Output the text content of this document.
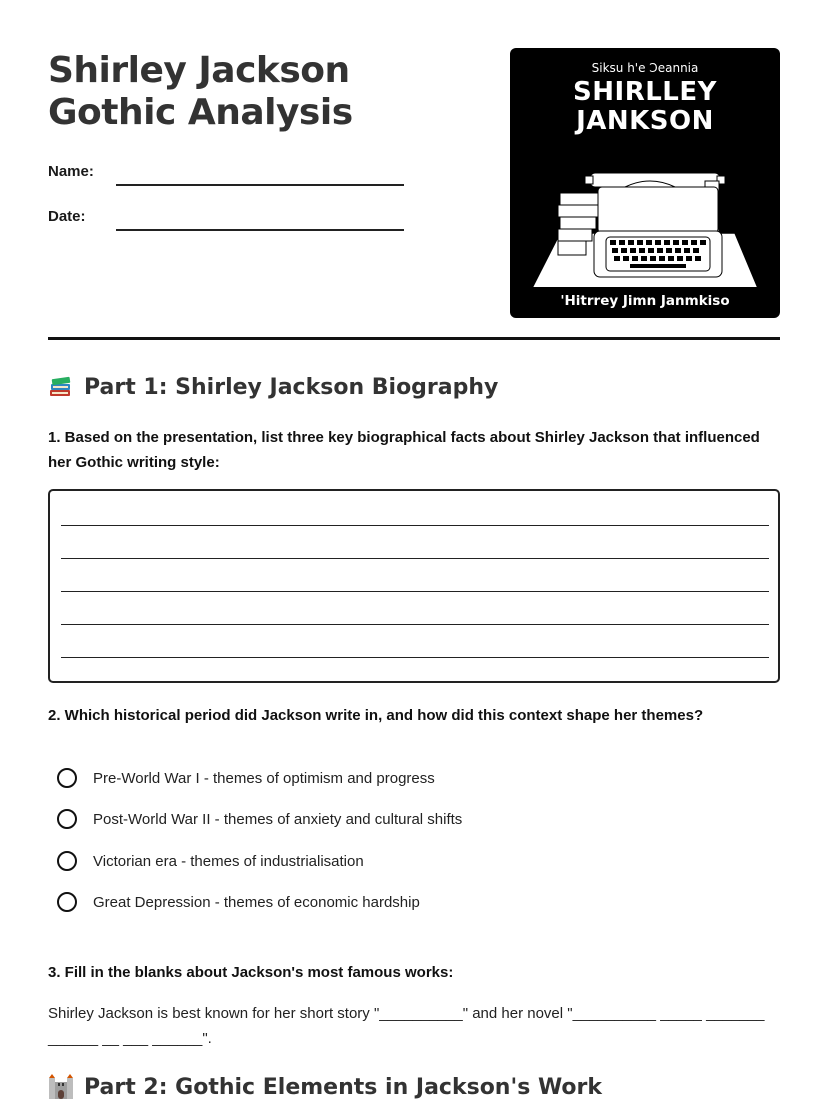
Shirley Jackson Gothic Analysis
Name:
Date:
Siksu h'e Ɔeannia
SHIRLLEY JANKSON
'Hitrrey Jimn Janmkiso
Part 1: Shirley Jackson Biography
1. Based on the presentation, list three key biographical facts about Shirley Jackson that influenced her Gothic writing style:
2. Which historical period did Jackson write in, and how did this context shape her themes?
Pre-World War I - themes of optimism and progress
Post-World War II - themes of anxiety and cultural shifts
Victorian era - themes of industrialisation
Great Depression - themes of economic hardship
3. Fill in the blanks about Jackson's most famous works:
Shirley Jackson is best known for her short story "__________" and her novel "__________ _____ _______ ______ __ ___ ______".
Part 2: Gothic Elements in Jackson's Work
